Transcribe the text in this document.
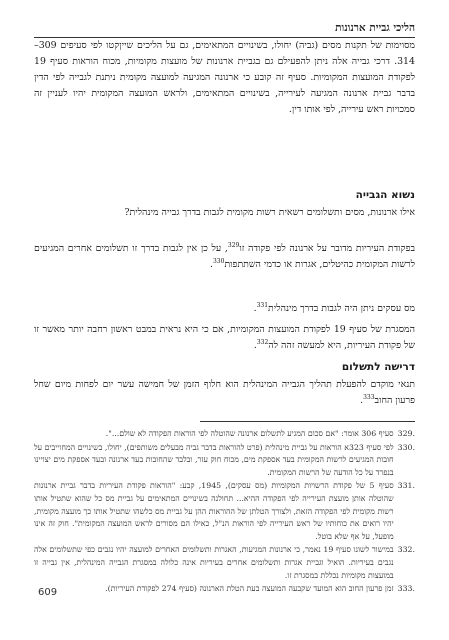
הליכי גביית ארנונות

מסוימות של תקנות מסים (גביה) יחולו, בשינויים המתאימים, גם על הליכים שייןקטו לפי סעיפים 309–314. דרכי גבייה אלה ניתן להפעילם גם בגביית ארנונות של מועצות מקומיות, מכוח הוראות סעיף 19 לפקודת המועצות המקומיות. סעיף זה קובע כי ארנונה המגיעה למועצה מקומית ניתנת לגבייה לפי הדין בדבר גביית ארנונה המגיעה לעירייה, בשינויים המתאימים, ולראש המועצה המקומית יהיו לעניין זה סמכויות ראש עירייה, לפי אותו דין.

נשוא הגבייה

אילו ארנונות, מסים ותשלומים רשאית רשות מקומית לגבות בדרך גבייה מינהלית?

בפקודת העיריות מדובר על ארנונה לפי פקודה זו$^{329}$, על כן אין לגבות בדרך זו תשלומים אחרים המגיעים לרשות המקומית כהיטלים, אגרות או כדמי השתתפות$^{330}$.

מס עסקים ניתן היה לגבות בדרך מינהלית$^{331}$.

המסגרת של סעיף 19 לפקודת המועצות המקומיות, אם כי היא נראית במבט ראשון רחבה יותר מאשר זו של פקודת העיריות, היא למעשה זהה לה$^{332}$.

דרישה לתשלום

תנאי מוקדם להפעלת תהליך הגבייה המינהלית הוא חלוף הזמן של חמישה עשר יום לפחות מיום שחל פרעון החוב$^{333}$.

329.
סעיף 306 אומר: "אם סכום המגיע לתשלום ארנונה שהוטלה לפי הוראות הפקודה לא שולם...".
330.
לפי סעיף 323א הוראות על גביית מינהלית (פרט להוראות בדבר גביה מבעלים משותפים), יחולו, בשינויים המחוייבים על חובות המגיעים לרשות המקומית בעד אספקת מים, מכוח חוק עזר, ובלבד שהחובות בעד ארנונה ובעד אספקת מים יצויינו בנפרד על כל הודעה של הרשות המקומית.
331.
סעיף 5 של פקודת הרשויות המקומיות (מס עסקים), 1945, קבע: "הוראות פקודת העיריות בדבר גביית ארנונות שהוטלה אותן מועצת העירייה לפי הפקודה ההיא... תחולנה בשינויים המתאימים על גביית מס כל שהוא שתטיל אותו רשות מקומית לפי הפקודה הזאת, ולצורך הטלתן של ההוראות ההן על גביית מס כלשהו שתטיל אותו כך מועצה מקומית, יהיו רואים את כוחותיו של ראש העירייה לפי הוראות הנ"ל, כאילו הם מסורים לראש המועצה המקומית". חוק זה אינו מופעל, על אף שלא בוטל.
332.
במישור לשונו סעיף 19 נאמר, כי ארנונות המגיעות, האגרות ותשלומים האחרים למועצה יהיו נגבים כפי שתשלומים אלה נגבים בעיריות. הואיל וגביית אגרות ותשלומים אחרים בעיריות אינה כלולה במסגרת הגבייה המינהלית, אין גבייה זו במועצות מקומיות נכללת במסגרת זו.
333.
זמן פרעון החוב הוא המועד שקבעה המועצה בעת הטלת הארנונה (סעיף 274 לפקודת העיריות).
609
